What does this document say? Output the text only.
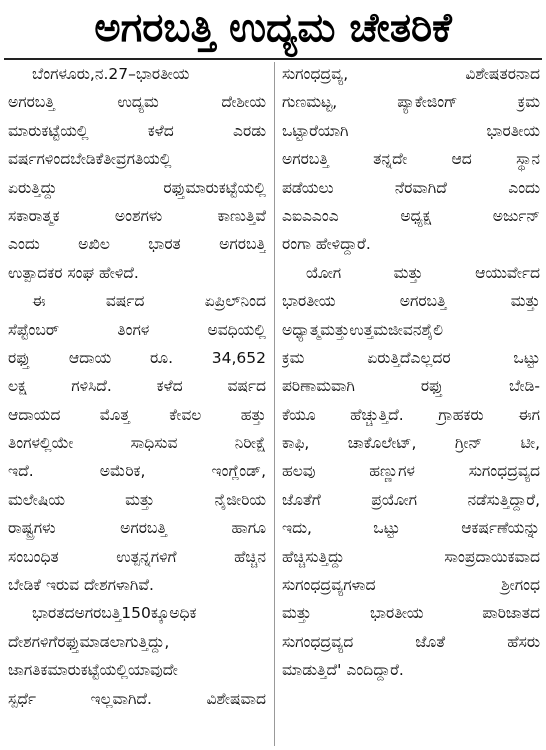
ಅಗರಬತ್ತಿ ಉದ್ಯಮ ಚೇತರಿಕೆ
ಬೆಂಗಳೂರು,ನ.27–ಭಾರತೀಯ
ಅಗರಬತ್ತಿ ಉದ್ಯಮ ದೇಶೀಯ
ಮಾರುಕಟ್ಟೆಯಲ್ಲಿ ಕಳೆದ ಎರಡು
ವರ್ಷಗಳಿಂದಬೇಡಿಕೆತೀವ್ರಗತಿಯಲ್ಲಿ
ಏರುತ್ತಿದ್ದು ರಫ್ತುಮಾರುಕಟ್ಟೆಯಲ್ಲಿ
ಸಕಾರಾತ್ಮಕ ಅಂಶಗಳು ಕಾಣುತ್ತಿವೆ
ಎಂದು ಅಖಿಲ ಭಾರತ ಅಗರಬತ್ತಿ
ಉತ್ಪಾದಕರ ಸಂಘ ಹೇಳಿದೆ.
ಈ ವರ್ಷದ ಏಪ್ರಿಲ್‌ನಿಂದ
ಸೆಪ್ಟೆಂಬರ್ ತಿಂಗಳ ಅವಧಿಯಲ್ಲಿ
ರಫ್ತು ಆದಾಯ ರೂ. 34,652
ಲಕ್ಷ ಗಳಿಸಿದೆ. ಕಳೆದ ವರ್ಷದ
ಆದಾಯದ ಮೊತ್ತ ಕೇವಲ ಹತ್ತು
ತಿಂಗಳಲ್ಲಿಯೇ ಸಾಧಿಸುವ ನಿರೀಕ್ಷೆ
ಇದೆ. ಅಮೆರಿಕ, ಇಂಗ್ಲೆಂಡ್,
ಮಲೇಷಿಯ ಮತ್ತು ನೈಜೀರಿಯ
ರಾಷ್ಟ್ರಗಳು ಅಗರಬತ್ತಿ ಹಾಗೂ
ಸಂಬಂಧಿತ ಉತ್ಪನ್ನಗಳಿಗೆ ಹೆಚ್ಚಿನ
ಬೇಡಿಕೆ ಇರುವ ದೇಶಗಳಾಗಿವೆ.
ಭಾರತದಅಗರಬತ್ತಿ150ಕ್ಕೂಅಧಿಕ
ದೇಶಗಳಿಗೆರಫ್ತುಮಾಡಲಾಗುತ್ತಿದ್ದು,
ಜಾಗತಿಕಮಾರುಕಟ್ಟೆಯಲ್ಲಿಯಾವುದೇ
ಸ್ಪರ್ಧೆ ಇಲ್ಲವಾಗಿದೆ. ವಿಶೇಷವಾದ
ಸುಗಂಧದ್ರವ್ಯ, ವಿಶೇಷತರನಾದ
ಗುಣಮಟ್ಟ, ಪ್ಯಾಕೇಜಿಂಗ್ ಕ್ರಮ
ಒಟ್ಟಾರೆಯಾಗಿ ಭಾರತೀಯ
ಅಗರಬತ್ತಿ ತನ್ನದೇ ಆದ ಸ್ಥಾನ
ಪಡೆಯಲು ನೆರವಾಗಿದೆ ಎಂದು
ಎಐಎಎಂಎ ಅಧ್ಯಕ್ಷ ಅರ್ಜುನ್
ರಂಗಾ ಹೇಳಿದ್ದಾರೆ.
ಯೋಗ ಮತ್ತು ಆಯುರ್ವೇದ
ಭಾರತೀಯ ಅಗರಬತ್ತಿ ಮತ್ತು
ಅಧ್ಯಾತ್ಮಮತ್ತುಉತ್ತಮಜೀವನಶೈಲಿ
ಕ್ರಮ ಏರುತ್ತಿದೆಎಲ್ಲದರ ಒಟ್ಟು
ಪರಿಣಾಮವಾಗಿ ರಫ್ತು ಬೇಡಿ-
ಕೆಯೂ ಹೆಚ್ಚುತ್ತಿದೆ. ಗ್ರಾಹಕರು ಈಗ
ಕಾಫಿ, ಚಾಕೊಲೇಟ್, ಗ್ರೀನ್ ಟೀ,
ಹಲವು ಹಣ್ಣುಗಳ ಸುಗಂಧದ್ರವ್ಯದ
ಜೊತೆಗೆ ಪ್ರಯೋಗ ನಡೆಸುತ್ತಿದ್ದಾರೆ,
ಇದು, ಒಟ್ಟು ಆಕರ್ಷಣೆಯನ್ನು
ಹೆಚ್ಚಿಸುತ್ತಿದ್ದು ಸಾಂಪ್ರದಾಯಿಕವಾದ
ಸುಗಂಧದ್ರವ್ಯಗಳಾದ ಶ್ರೀಗಂಧ
ಮತ್ತು ಭಾರತೀಯ ಪಾರಿಜಾತದ
ಸುಗಂಧದ್ರವ್ಯದ ಜೊತೆ ಹೆಸರು
ಮಾಡುತ್ತಿದೆ' ಎಂದಿದ್ದಾರೆ.
